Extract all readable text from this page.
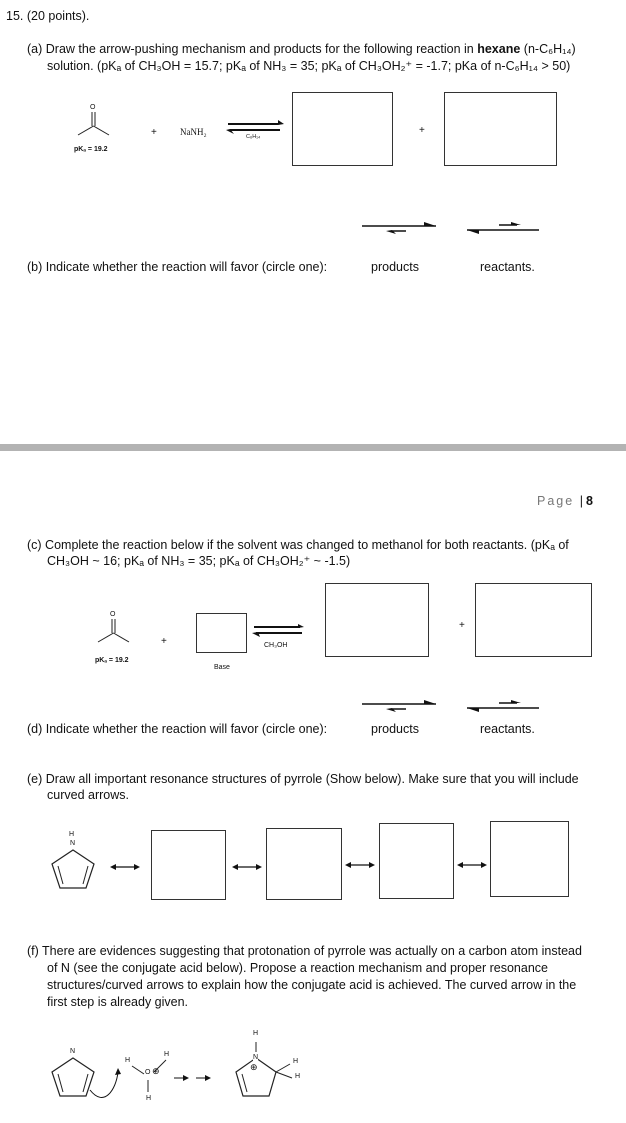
15. (20 points).
(a) Draw the arrow-pushing mechanism and products for the following reaction in hexane (n-C₆H₁₄)
solution. (pKₐ of CH₃OH = 15.7; pKₐ of NH₃ = 35; pKₐ of CH₃OH₂⁺ = -1.7; pKa of n-C₆H₁₄ > 50)
O
pKₐ = 19.2
+	NaNH₂	C₆H₁₄
+
(b) Indicate whether the reaction will favor (circle one):	products	reactants.
Page | 8
(c) Complete the reaction below if the solvent was changed to methanol for both reactants. (pKₐ of
CH₃OH ~ 16; pKₐ of NH₃ = 35; pKₐ of CH₃OH₂⁺ ~ -1.5)
O
pKₐ = 19.2
+
Base
CH₃OH
+
(d) Indicate whether the reaction will favor (circle one):	products	reactants.
(e) Draw all important resonance structures of pyrrole (Show below). Make sure that you will include
curved arrows.
H
N
(f) There are evidences suggesting that protonation of pyrrole was actually on a carbon atom instead
of N (see the conjugate acid below). Propose a reaction mechanism and proper resonance
structures/curved arrows to explain how the conjugate acid is achieved. The curved arrow in the
first step is already given.
N
H
H
O ⊕
H
H
N
⊕
H
H
